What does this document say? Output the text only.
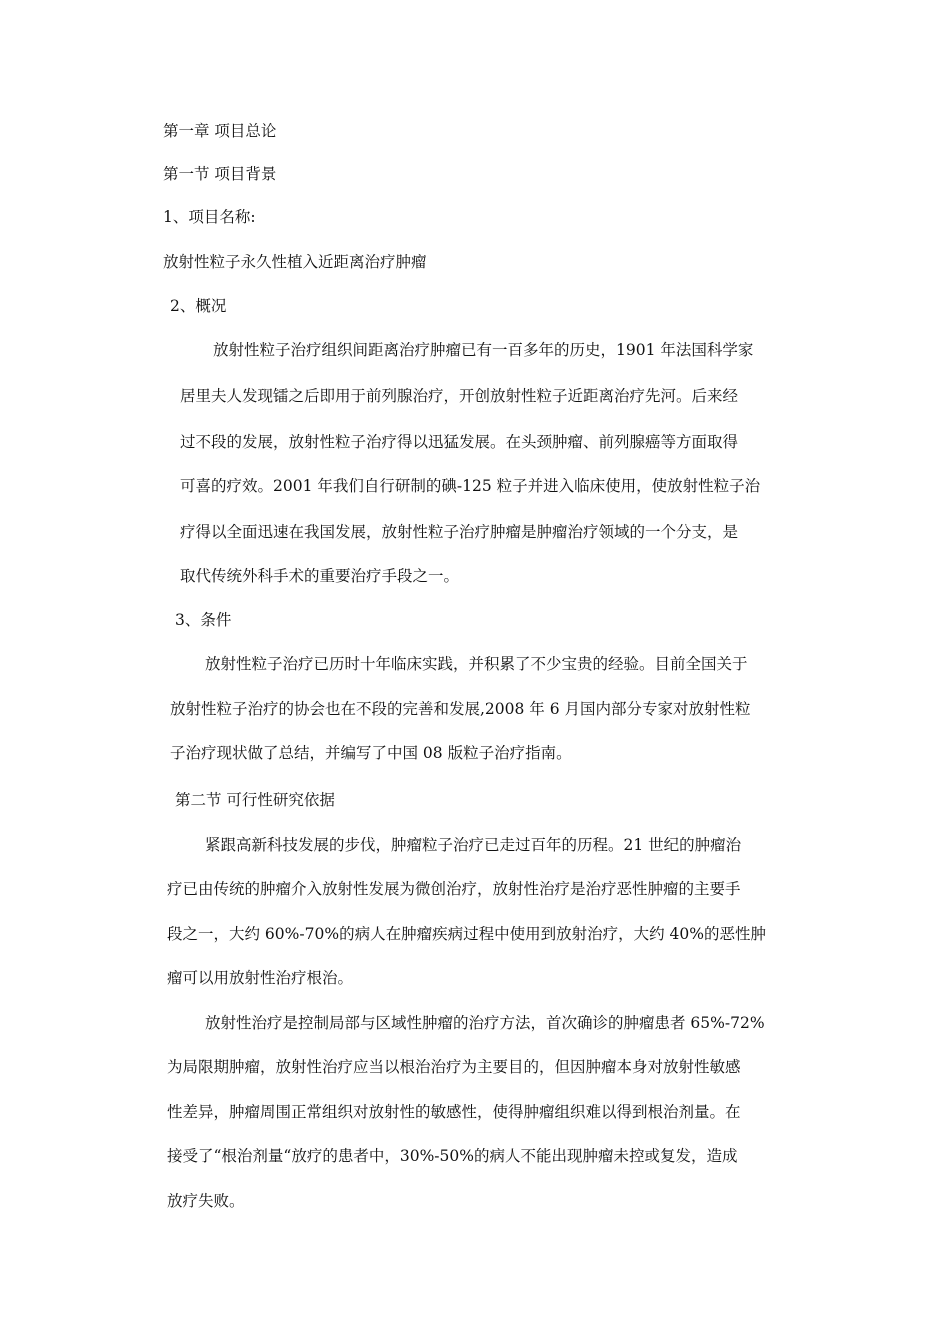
第一章 项目总论
第一节 项目背景
1、项目名称:
放射性粒子永久性植入近距离治疗肿瘤
2、概况
放射性粒子治疗组织间距离治疗肿瘤已有一百多年的历史，1901 年法国科学家
居里夫人发现镭之后即用于前列腺治疗，开创放射性粒子近距离治疗先河。后来经
过不段的发展，放射性粒子治疗得以迅猛发展。在头颈肿瘤、前列腺癌等方面取得
可喜的疗效。2001 年我们自行研制的碘-125 粒子并进入临床使用，使放射性粒子治
疗得以全面迅速在我国发展，放射性粒子治疗肿瘤是肿瘤治疗领域的一个分支，是
取代传统外科手术的重要治疗手段之一。
3、条件
放射性粒子治疗已历时十年临床实践，并积累了不少宝贵的经验。目前全国关于
放射性粒子治疗的协会也在不段的完善和发展,2008 年 6 月国内部分专家对放射性粒
子治疗现状做了总结，并编写了中国 08 版粒子治疗指南。
第二节 可行性研究依据
紧跟高新科技发展的步伐，肿瘤粒子治疗已走过百年的历程。21 世纪的肿瘤治
疗已由传统的肿瘤介入放射性发展为微创治疗，放射性治疗是治疗恶性肿瘤的主要手
段之一，大约 60%-70%的病人在肿瘤疾病过程中使用到放射治疗，大约 40%的恶性肿
瘤可以用放射性治疗根治。
放射性治疗是控制局部与区域性肿瘤的治疗方法，首次确诊的肿瘤患者 65%-72%
为局限期肿瘤，放射性治疗应当以根治治疗为主要目的，但因肿瘤本身对放射性敏感
性差异，肿瘤周围正常组织对放射性的敏感性，使得肿瘤组织难以得到根治剂量。在
接受了“根治剂量“放疗的患者中，30%-50%的病人不能出现肿瘤未控或复发，造成
放疗失败。
